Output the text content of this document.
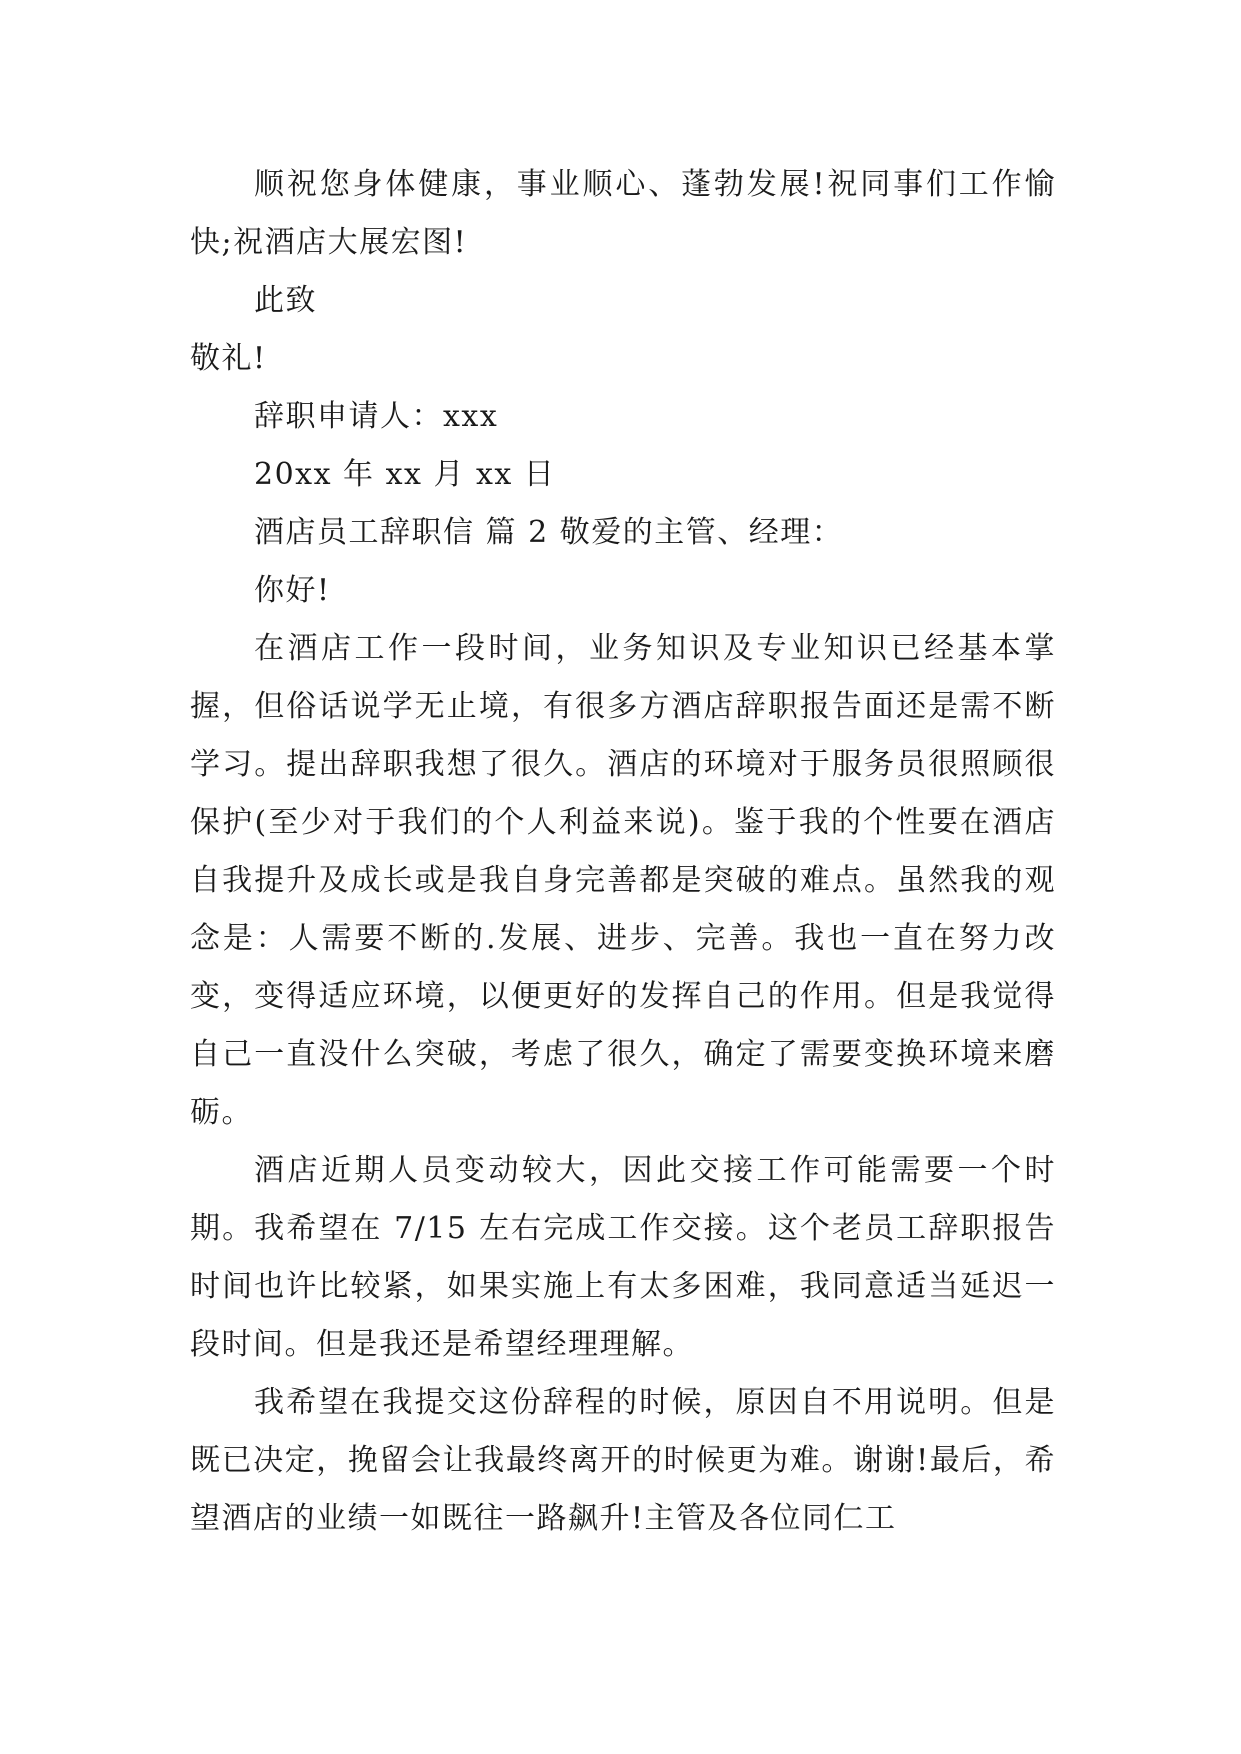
顺祝您身体健康，事业顺心、蓬勃发展!祝同事们工作愉快;祝酒店大展宏图!

此致

敬礼!

辞职申请人：xxx

20xx 年 xx 月 xx 日

酒店员工辞职信 篇 2 敬爱的主管、经理：

你好!

在酒店工作一段时间，业务知识及专业知识已经基本掌握，但俗话说学无止境，有很多方酒店辞职报告面还是需不断学习。提出辞职我想了很久。酒店的环境对于服务员很照顾很保护(至少对于我们的个人利益来说)。鉴于我的个性要在酒店自我提升及成长或是我自身完善都是突破的难点。虽然我的观念是：人需要不断的.发展、进步、完善。我也一直在努力改变，变得适应环境，以便更好的发挥自己的作用。但是我觉得自己一直没什么突破，考虑了很久，确定了需要变换环境来磨砺。

酒店近期人员变动较大，因此交接工作可能需要一个时期。我希望在 7/15 左右完成工作交接。这个老员工辞职报告时间也许比较紧，如果实施上有太多困难，我同意适当延迟一段时间。但是我还是希望经理理解。

我希望在我提交这份辞程的时候，原因自不用说明。但是既已决定，挽留会让我最终离开的时候更为难。谢谢!最后，希望酒店的业绩一如既往一路飙升!主管及各位同仁工
